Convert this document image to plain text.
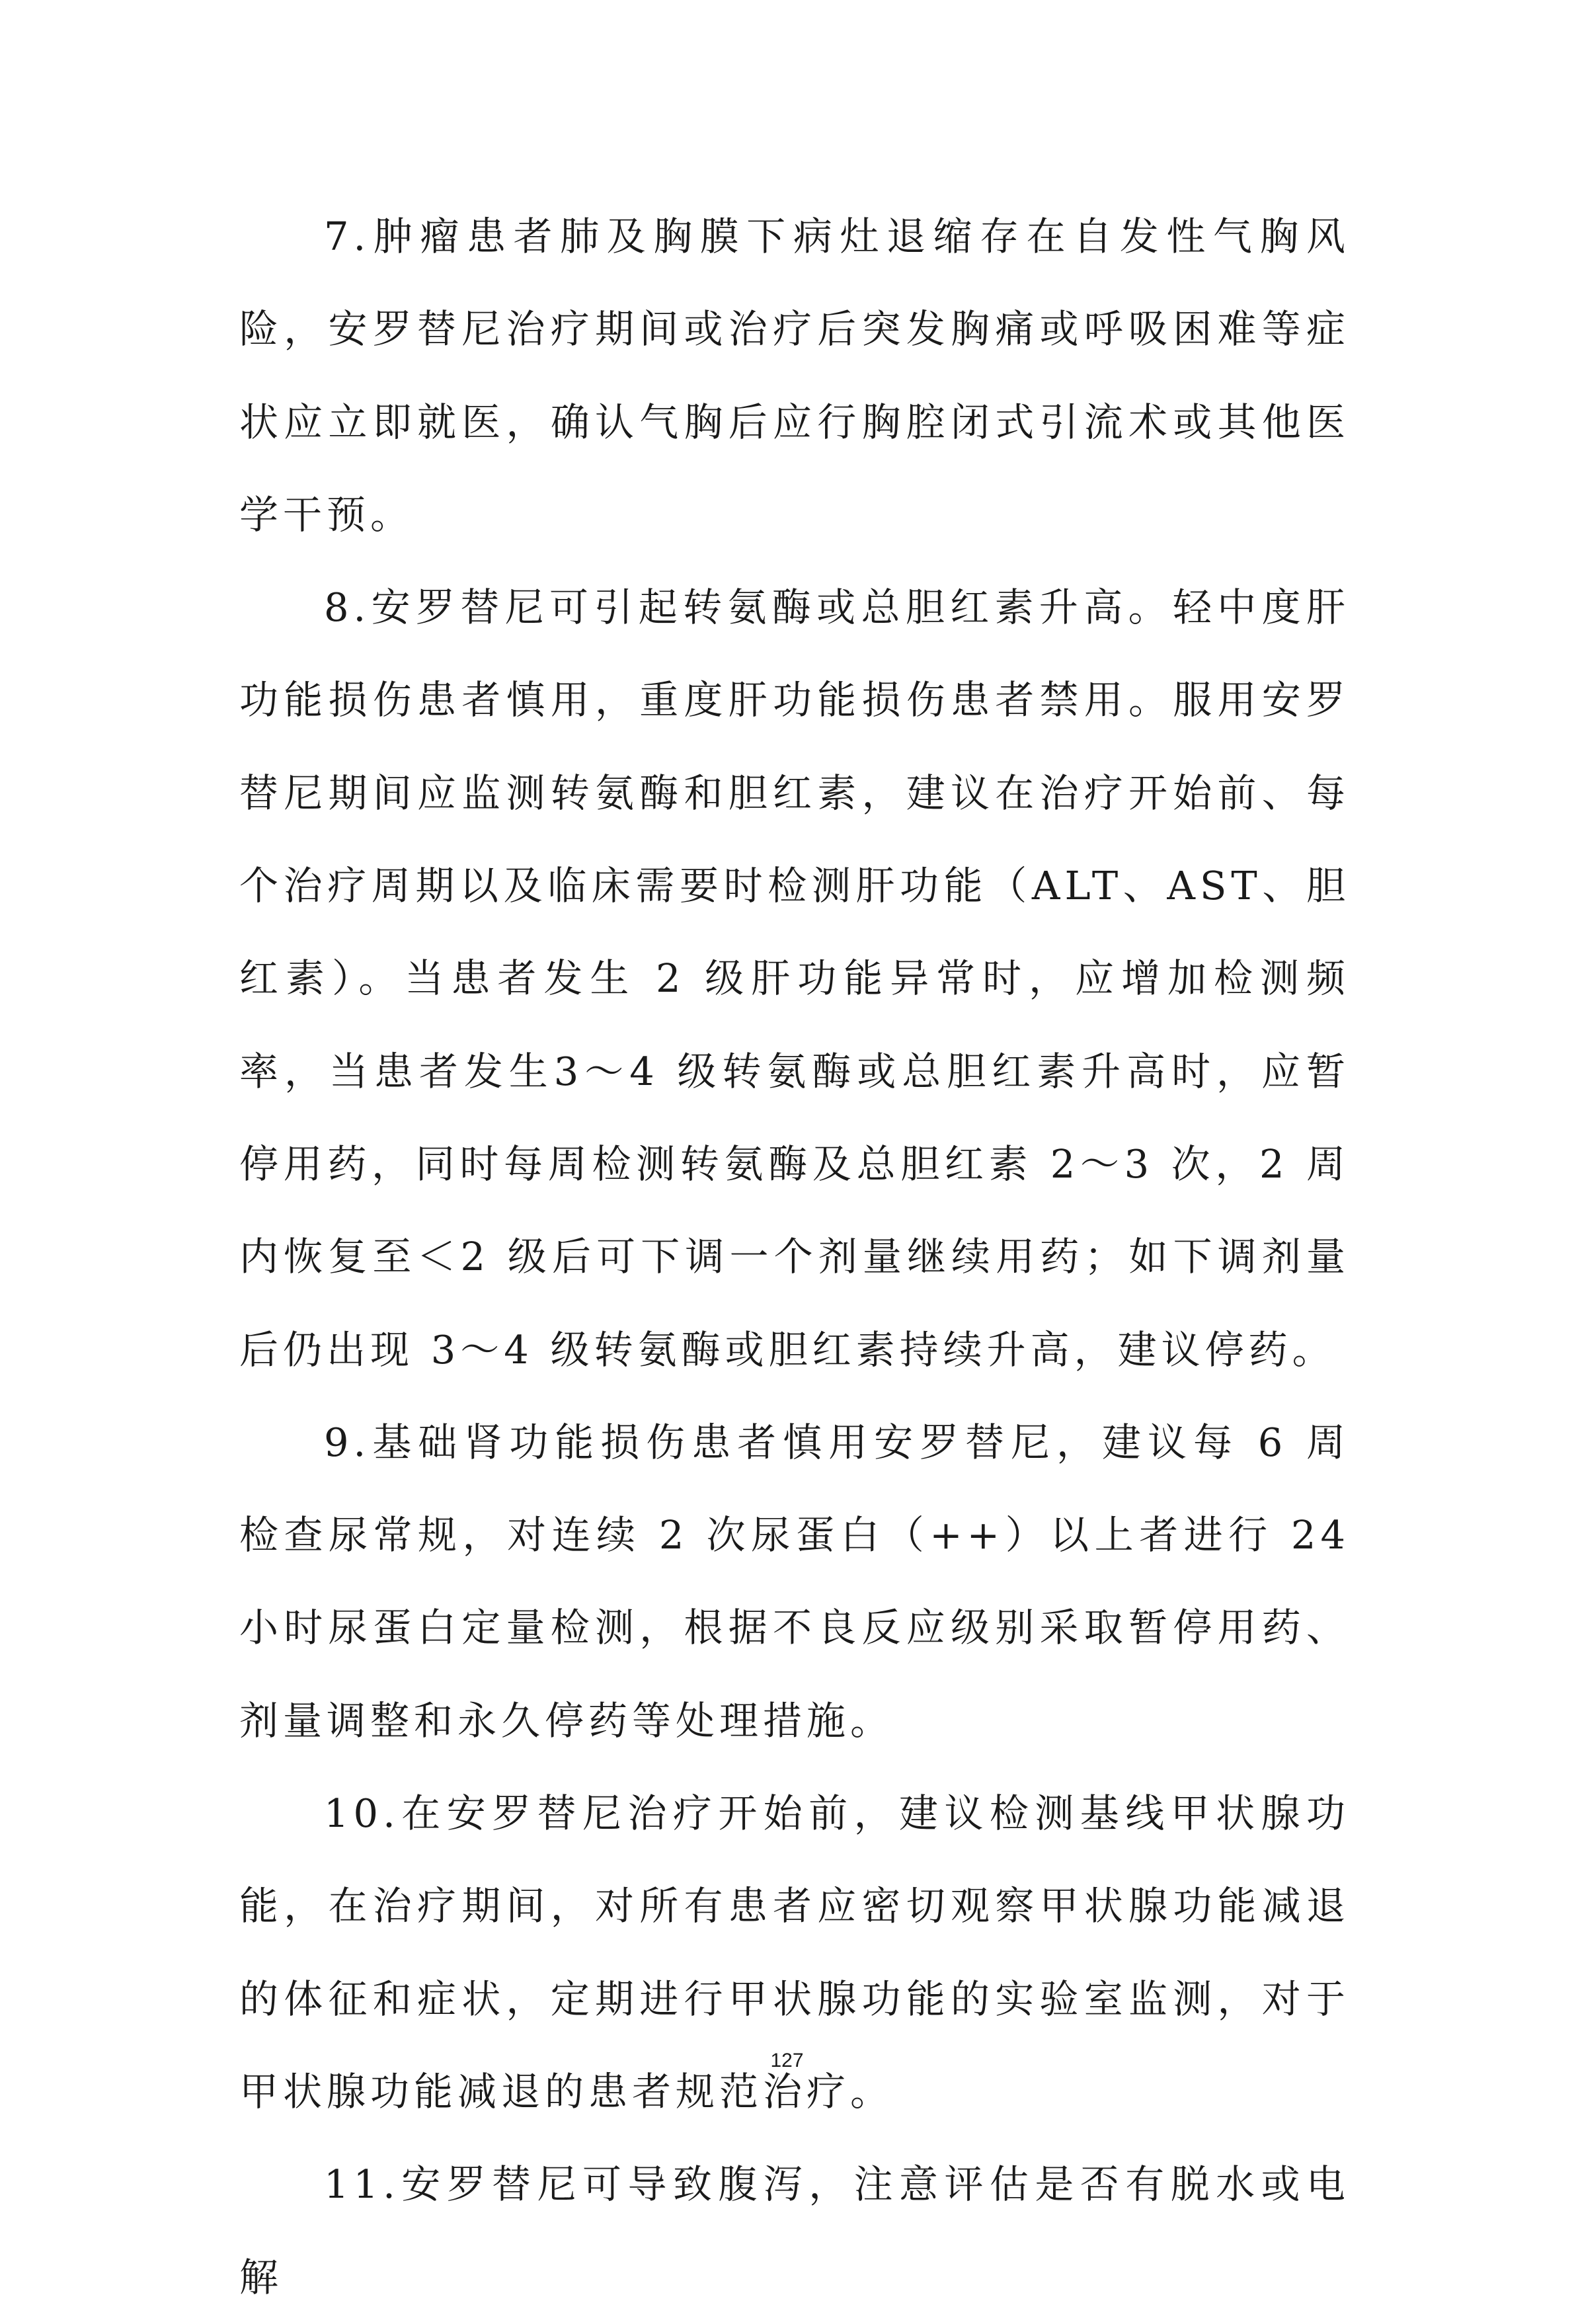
7.肿瘤患者肺及胸膜下病灶退缩存在自发性气胸风险，安罗替尼治疗期间或治疗后突发胸痛或呼吸困难等症状应立即就医，确认气胸后应行胸腔闭式引流术或其他医学干预。

8.安罗替尼可引起转氨酶或总胆红素升高。轻中度肝功能损伤患者慎用，重度肝功能损伤患者禁用。服用安罗替尼期间应监测转氨酶和胆红素，建议在治疗开始前、每个治疗周期以及临床需要时检测肝功能（ALT、AST、胆红素）。当患者发生 2 级肝功能异常时，应增加检测频率，当患者发生3～4 级转氨酶或总胆红素升高时，应暂停用药，同时每周检测转氨酶及总胆红素 2～3 次，2 周内恢复至＜2 级后可下调一个剂量继续用药；如下调剂量后仍出现 3～4 级转氨酶或胆红素持续升高，建议停药。

9.基础肾功能损伤患者慎用安罗替尼，建议每 6 周检查尿常规，对连续 2 次尿蛋白（++）以上者进行 24 小时尿蛋白定量检测，根据不良反应级别采取暂停用药、剂量调整和永久停药等处理措施。

10.在安罗替尼治疗开始前，建议检测基线甲状腺功能，在治疗期间，对所有患者应密切观察甲状腺功能减退的体征和症状，定期进行甲状腺功能的实验室监测，对于甲状腺功能减退的患者规范治疗。

11.安罗替尼可导致腹泻，注意评估是否有脱水或电解

127
